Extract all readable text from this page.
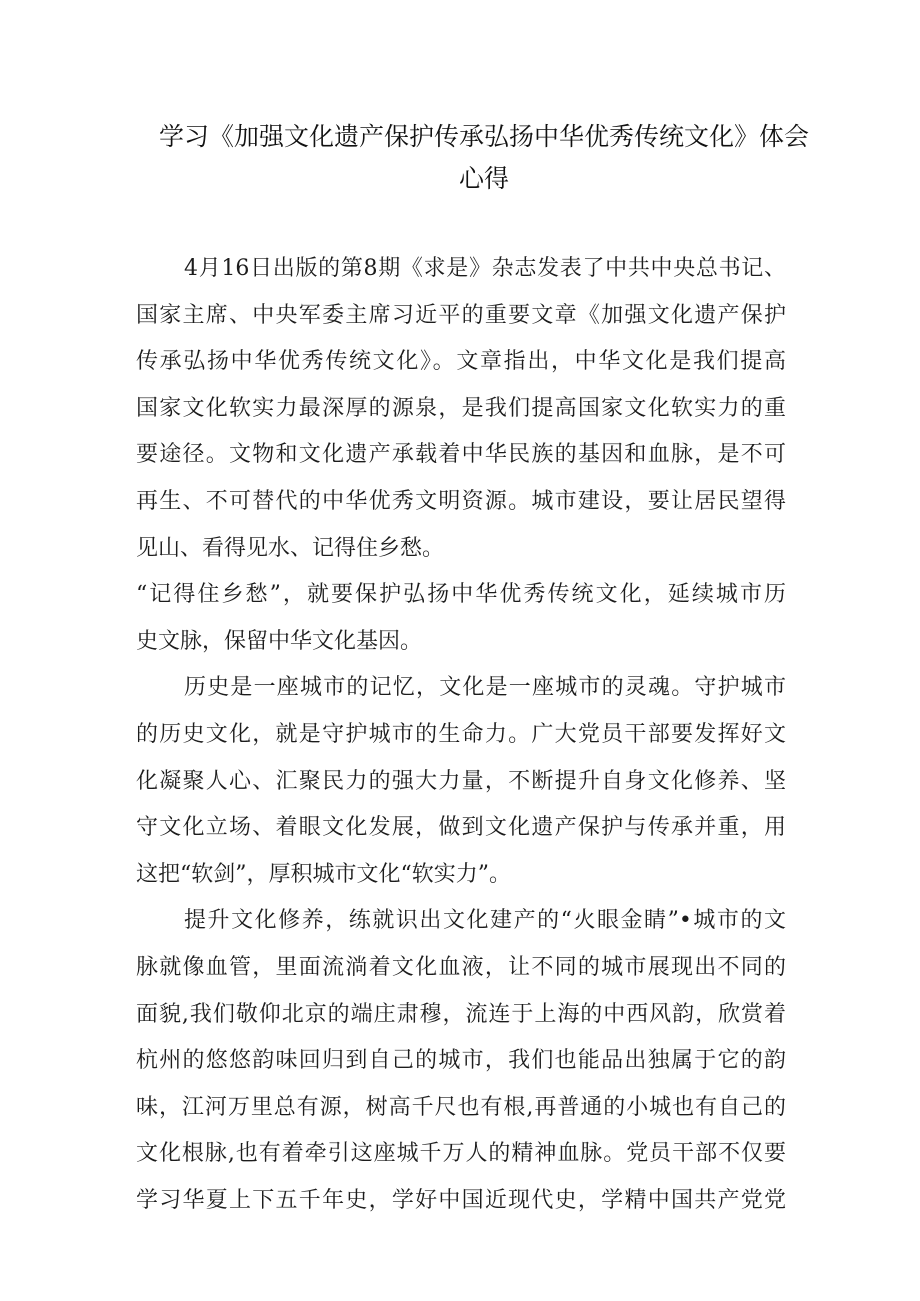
学习《加强文化遗产保护传承弘扬中华优秀传统文化》体会
心得

4月16日出版的第8期《求是》杂志发表了中共中央总书记、
国家主席、中央军委主席习近平的重要文章《加强文化遗产保护
传承弘扬中华优秀传统文化》。文章指出，中华文化是我们提高
国家文化软实力最深厚的源泉，是我们提高国家文化软实力的重
要途径。文物和文化遗产承载着中华民族的基因和血脉，是不可
再生、不可替代的中华优秀文明资源。城市建设，要让居民望得
见山、看得见水、记得住乡愁。

“记得住乡愁”，就要保护弘扬中华优秀传统文化，延续城市历
史文脉，保留中华文化基因。

历史是一座城市的记忆，文化是一座城市的灵魂。守护城市
的历史文化，就是守护城市的生命力。广大党员干部要发挥好文
化凝聚人心、汇聚民力的强大力量，不断提升自身文化修养、坚
守文化立场、着眼文化发展，做到文化遗产保护与传承并重，用
这把“软剑”，厚积城市文化“软实力”。

提升文化修养，练就识出文化建产的“火眼金睛”•城市的文
脉就像血管，里面流淌着文化血液，让不同的城市展现出不同的
面貌,我们敬仰北京的端庄肃穆，流连于上海的中西风韵，欣赏着
杭州的悠悠韵味回归到自己的城市，我们也能品出独属于它的韵
味，江河万里总有源，树高千尺也有根,再普通的小城也有自己的
文化根脉,也有着牵引这座城千万人的精神血脉。党员干部不仅要
学习华夏上下五千年史，学好中国近现代史，学精中国共产党党
